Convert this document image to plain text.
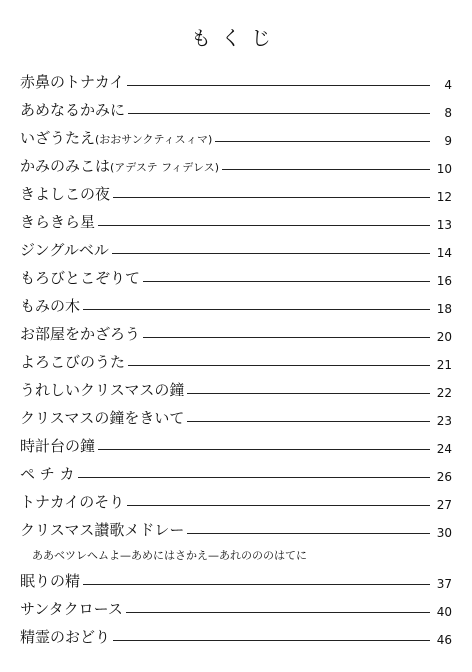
もくじ
赤鼻のトナカイ	4
あめなるかみに	8
いざうたえ(おおサンクティスィマ)	9
かみのみこは(アデステ フィデレス)	10
きよしこの夜	12
きらきら星	13
ジングルベル	14
もろびとこぞりて	16
もみの木	18
お部屋をかざろう	20
よろこびのうた	21
うれしいクリスマスの鐘	22
クリスマスの鐘をきいて	23
時計台の鐘	24
ペ チ カ	26
トナカイのそり	27
クリスマス讃歌メドレー	30
ああベツレヘムよ—あめにはさかえ—あれのののはてに
眠りの精	37
サンタクロース	40
精霊のおどり	46
